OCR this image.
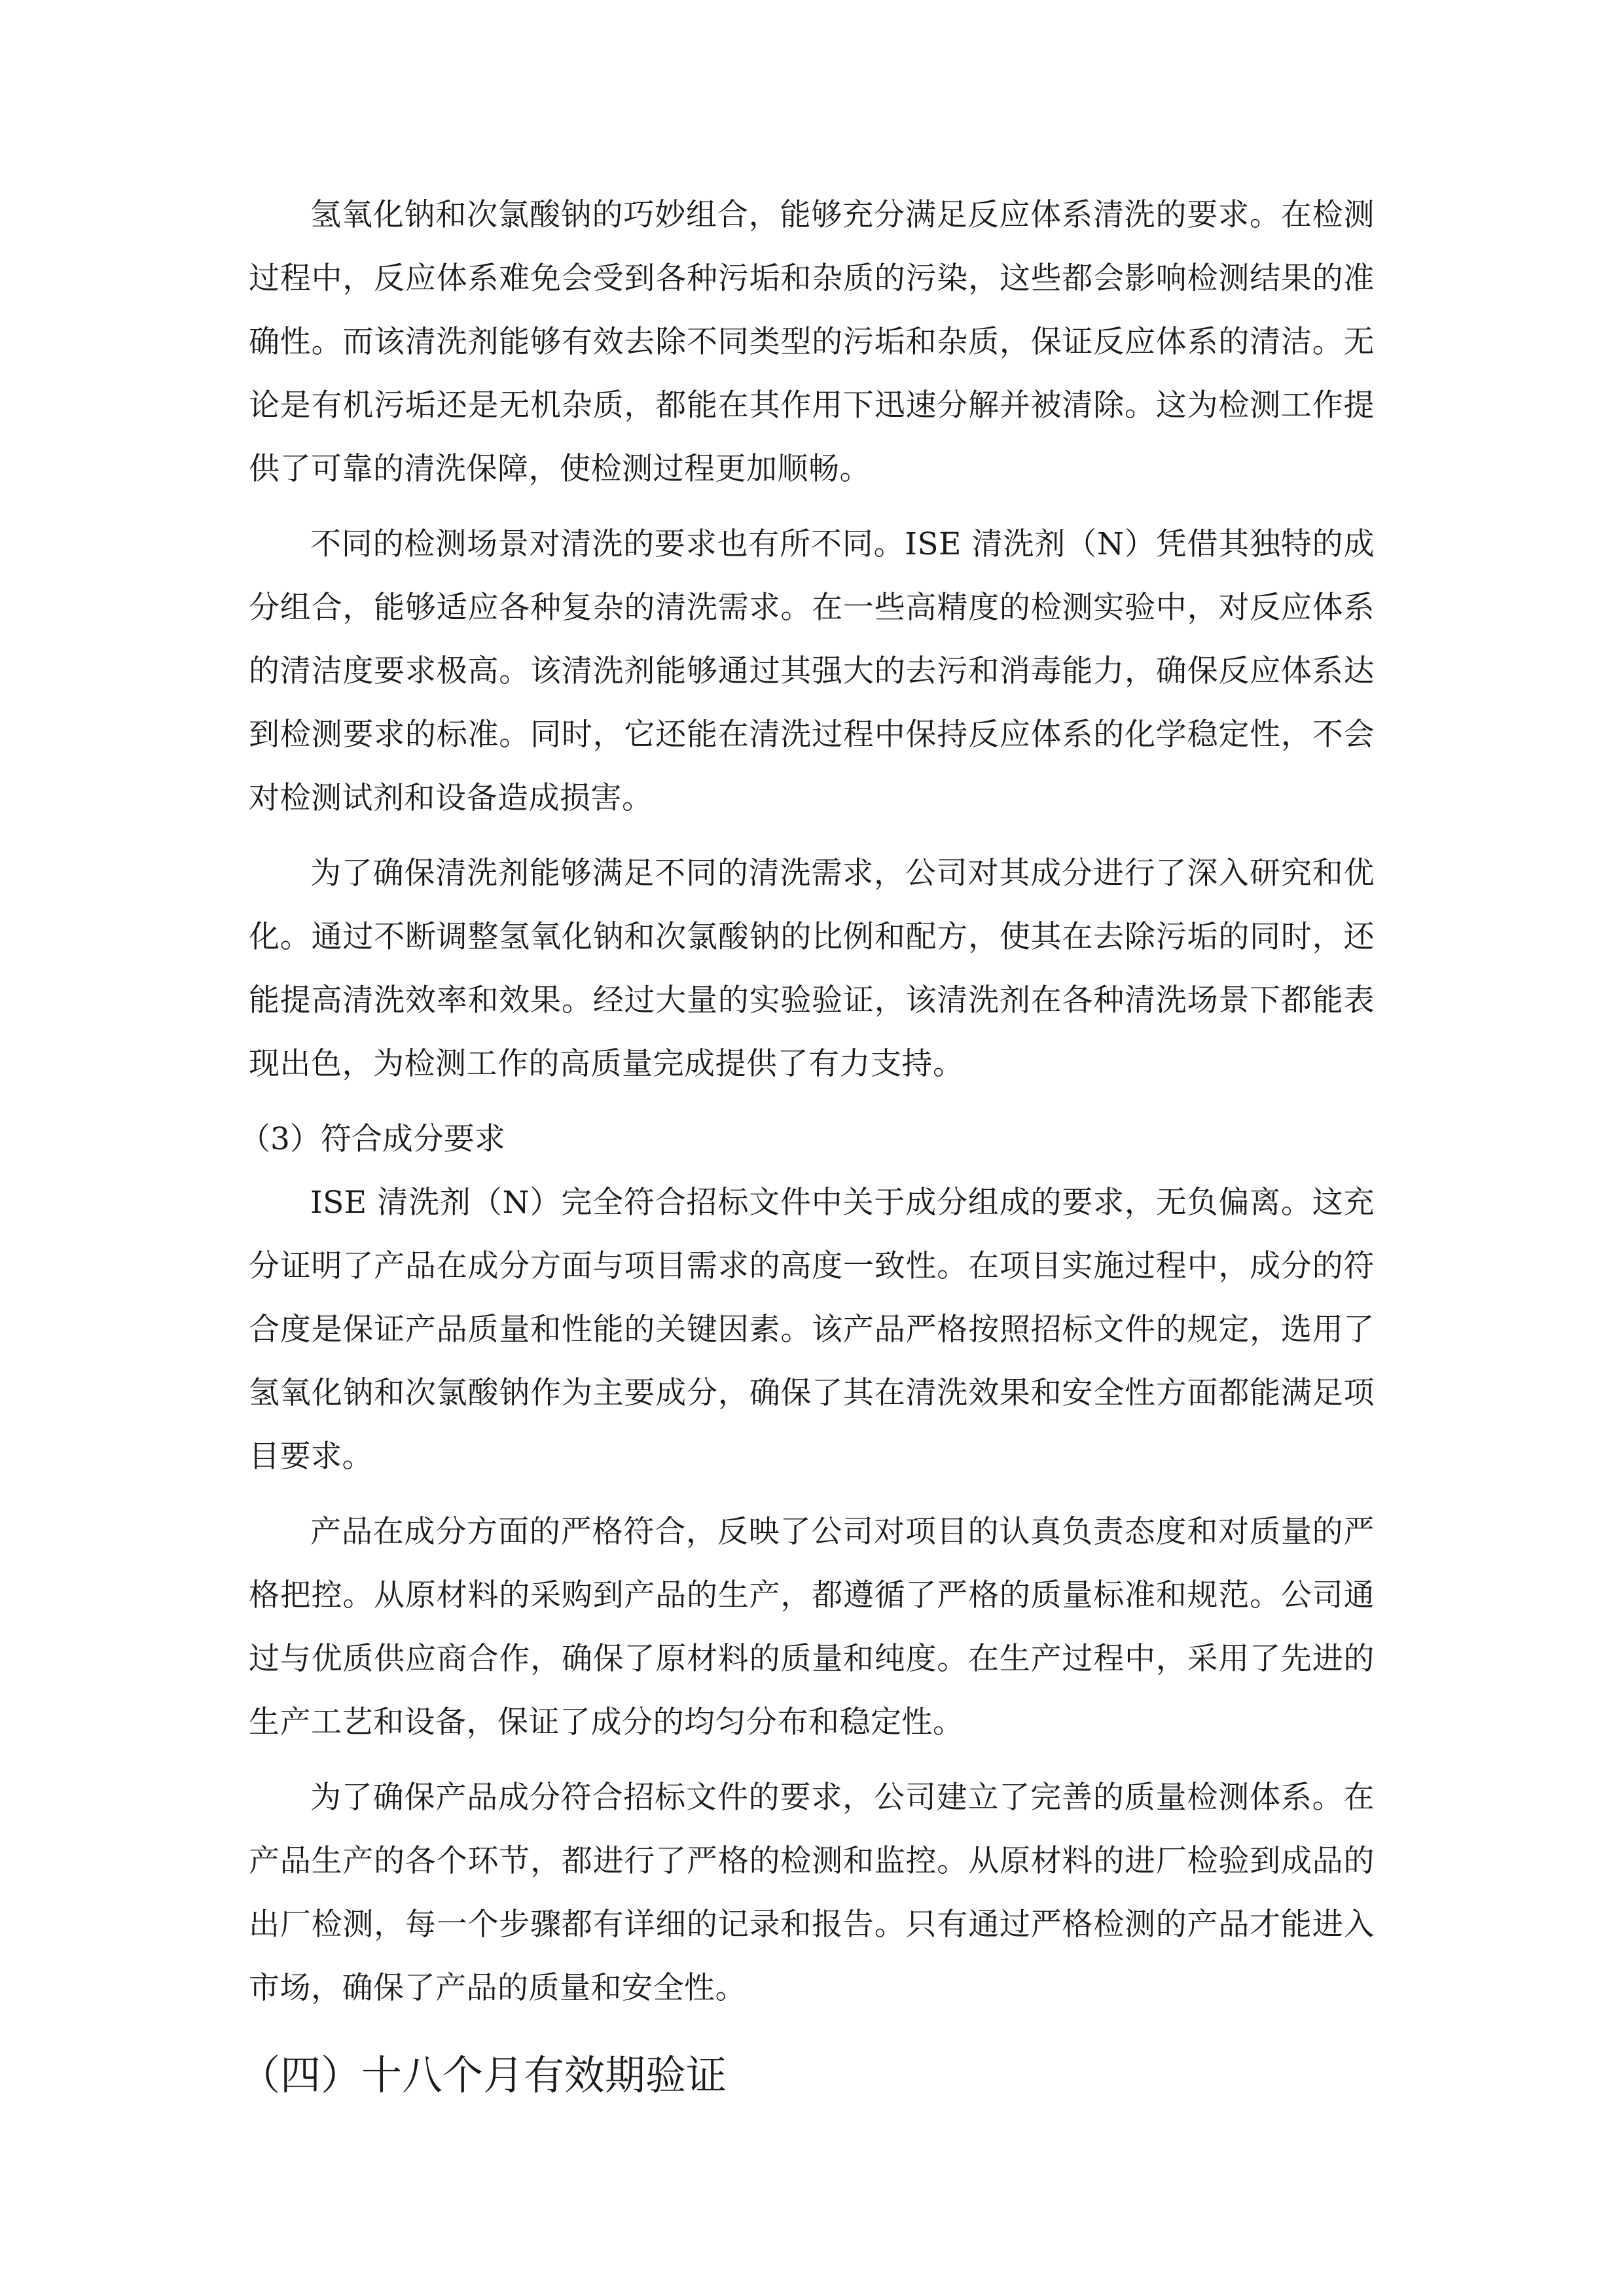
氢氧化钠和次氯酸钠的巧妙组合，能够充分满足反应体系清洗的要求。在检测过程中，反应体系难免会受到各种污垢和杂质的污染，这些都会影响检测结果的准确性。而该清洗剂能够有效去除不同类型的污垢和杂质，保证反应体系的清洁。无论是有机污垢还是无机杂质，都能在其作用下迅速分解并被清除。这为检测工作提供了可靠的清洗保障，使检测过程更加顺畅。

不同的检测场景对清洗的要求也有所不同。ISE 清洗剂（N）凭借其独特的成分组合，能够适应各种复杂的清洗需求。在一些高精度的检测实验中，对反应体系的清洁度要求极高。该清洗剂能够通过其强大的去污和消毒能力，确保反应体系达到检测要求的标准。同时，它还能在清洗过程中保持反应体系的化学稳定性，不会对检测试剂和设备造成损害。

为了确保清洗剂能够满足不同的清洗需求，公司对其成分进行了深入研究和优化。通过不断调整氢氧化钠和次氯酸钠的比例和配方，使其在去除污垢的同时，还能提高清洗效率和效果。经过大量的实验验证，该清洗剂在各种清洗场景下都能表现出色，为检测工作的高质量完成提供了有力支持。

（3）符合成分要求

ISE 清洗剂（N）完全符合招标文件中关于成分组成的要求，无负偏离。这充分证明了产品在成分方面与项目需求的高度一致性。在项目实施过程中，成分的符合度是保证产品质量和性能的关键因素。该产品严格按照招标文件的规定，选用了氢氧化钠和次氯酸钠作为主要成分，确保了其在清洗效果和安全性方面都能满足项目要求。

产品在成分方面的严格符合，反映了公司对项目的认真负责态度和对质量的严格把控。从原材料的采购到产品的生产，都遵循了严格的质量标准和规范。公司通过与优质供应商合作，确保了原材料的质量和纯度。在生产过程中，采用了先进的生产工艺和设备，保证了成分的均匀分布和稳定性。

为了确保产品成分符合招标文件的要求，公司建立了完善的质量检测体系。在产品生产的各个环节，都进行了严格的检测和监控。从原材料的进厂检验到成品的出厂检测，每一个步骤都有详细的记录和报告。只有通过严格检测的产品才能进入市场，确保了产品的质量和安全性。

（四）十八个月有效期验证
